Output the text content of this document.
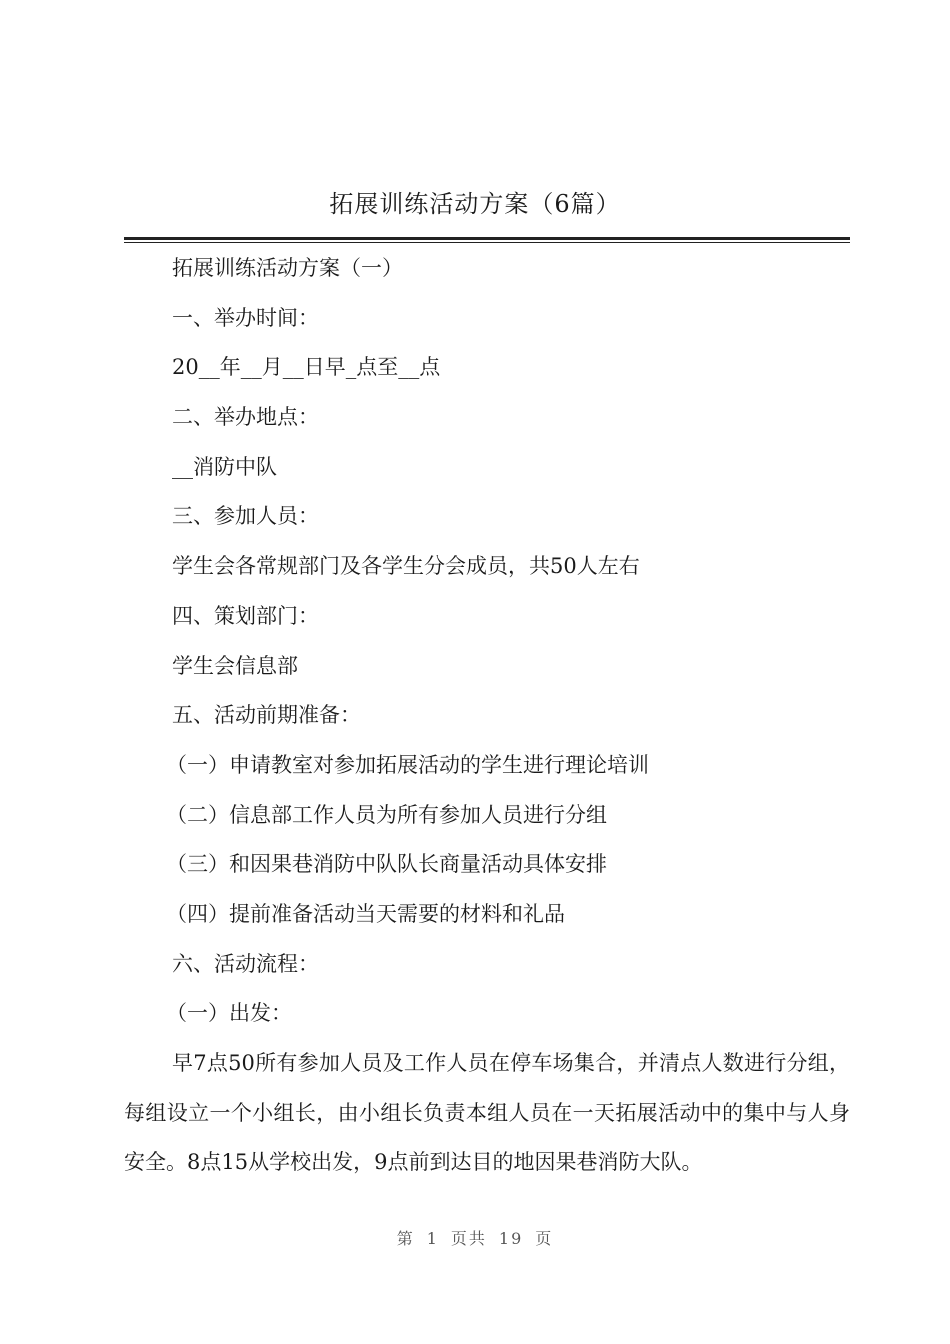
拓展训练活动方案（6篇）
拓展训练活动方案（一）
一、举办时间：
20__年__月__日早_点至__点
二、举办地点：
__消防中队
三、参加人员：
学生会各常规部门及各学生分会成员，共50人左右
四、策划部门：
学生会信息部
五、活动前期准备：
（一）申请教室对参加拓展活动的学生进行理论培训
（二）信息部工作人员为所有参加人员进行分组
（三）和因果巷消防中队队长商量活动具体安排
（四）提前准备活动当天需要的材料和礼品
六、活动流程：
（一）出发：
早7点50所有参加人员及工作人员在停车场集合，并清点人数进行分组，每组设立一个小组长，由小组长负责本组人员在一天拓展活动中的集中与人身安全。8点15从学校出发，9点前到达目的地因果巷消防大队。
第 1 页共 19 页
